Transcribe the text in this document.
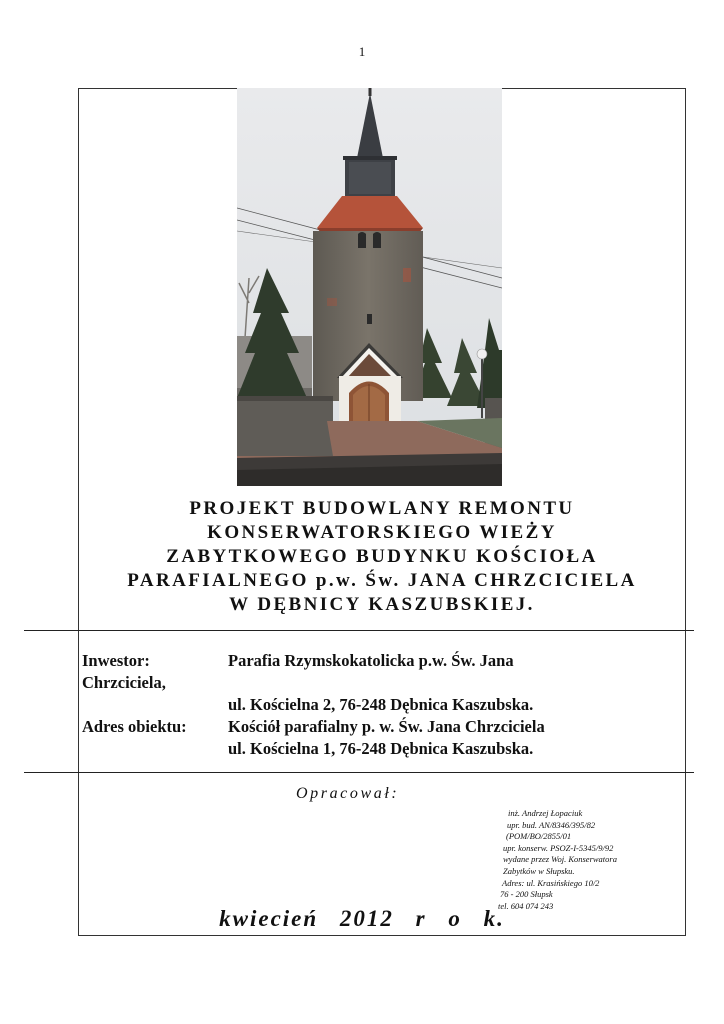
1
PROJEKT BUDOWLANY REMONTU
KONSERWATORSKIEGO WIEŻY
ZABYTKOWEGO BUDYNKU KOŚCIOŁA
PARAFIALNEGO p.w. Św. JANA CHRZCICIELA
W DĘBNICY KASZUBSKIEJ.
Inwestor:	Parafia Rzymskokatolicka p.w. Św. Jana
Chrzciciela,
ul. Kościelna 2, 76-248 Dębnica Kaszubska.
Adres obiektu:	Kościół parafialny p. w. Św. Jana Chrzciciela
ul. Kościelna 1, 76-248 Dębnica Kaszubska.
Opracował:
inż. Andrzej Łopaciuk
upr. bud. AN/8346/395/82
(POM/BO/2855/01
upr. konserw. PSOZ-I-5345/9/92
wydane przez Woj. Konserwatora
Zabytków w Słupsku.
Adres: ul. Krasińskiego 10/2
76 - 200 Słupsk
tel. 604 074 243
kwiecień 2012 r o k.
